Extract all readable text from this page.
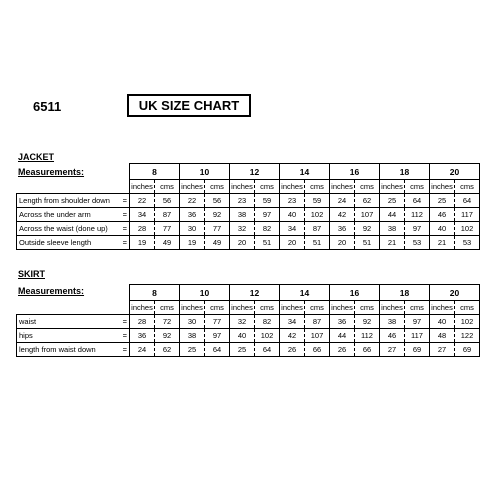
6511	UK SIZE CHART
JACKET
Measurements:
		8		10		12		14		16		18		20	
		inches	cms	inches	cms	inches	cms	inches	cms	inches	cms	inches	cms	inches	cms
Length from shoulder down	=	22	56	22	56	23	59	23	59	24	62	25	64	25	64
Across the under arm	=	34	87	36	92	38	97	40	102	42	107	44	112	46	117
Across the waist (done up)	=	28	77	30	77	32	82	34	87	36	92	38	97	40	102
Outside sleeve length	=	19	49	19	49	20	51	20	51	20	51	21	53	21	53
SKIRT
Measurements:
		8		10		12		14		16		18		20	
		inches	cms	inches	cms	inches	cms	inches	cms	inches	cms	inches	cms	inches	cms
waist	=	28	72	30	77	32	82	34	87	36	92	38	97	40	102
hips	=	36	92	38	97	40	102	42	107	44	112	46	117	48	122
length from waist down	=	24	62	25	64	25	64	26	66	26	66	27	69	27	69
